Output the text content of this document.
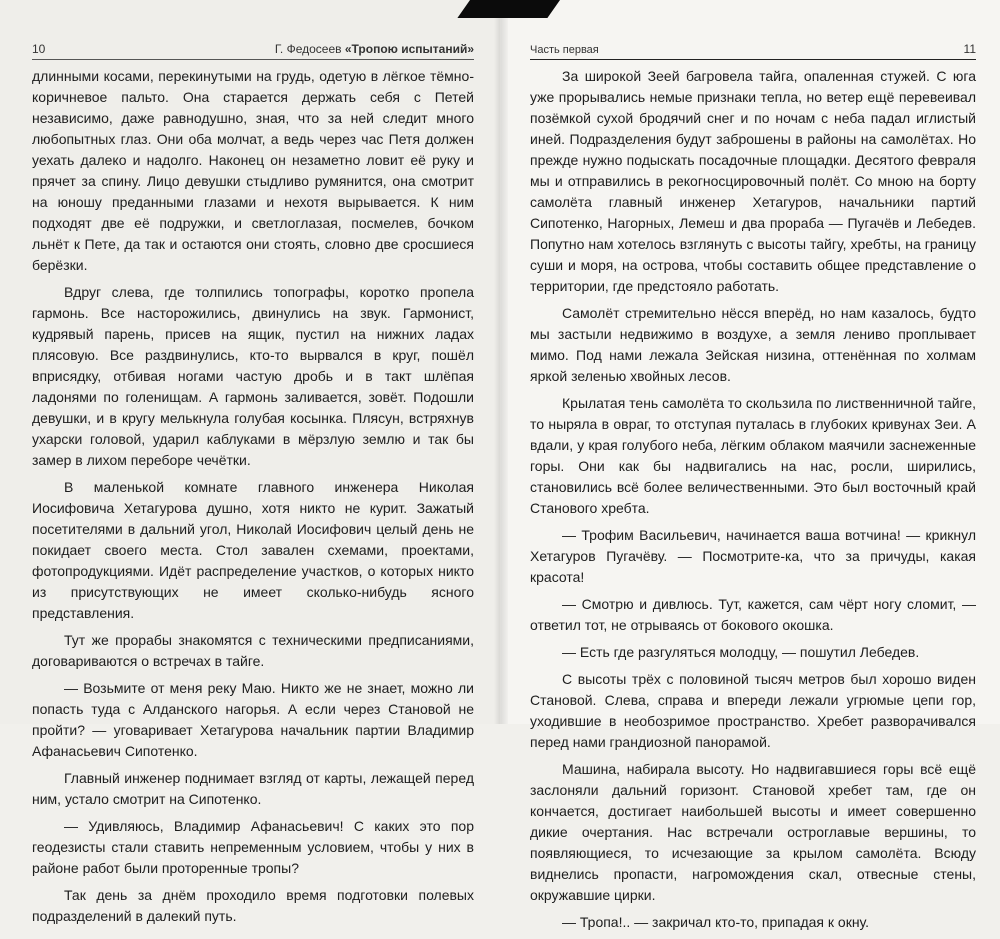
10	Г. Федосеев «Тропою испытаний»

длинными косами, перекинутыми на грудь, одетую в лёгкое тёмно-коричневое пальто. Она старается держать себя с Петей независимо, даже равнодушно, зная, что за ней следит много любопытных глаз. Они оба молчат, а ведь через час Петя должен уехать далеко и надолго. Наконец он незаметно ловит её руку и прячет за спину. Лицо девушки стыдливо румянится, она смотрит на юношу преданными глазами и нехотя вырывается. К ним подходят две её подружки, и светлоглазая, посмелев, бочком льнёт к Пете, да так и остаются они стоять, словно две сросшиеся берёзки.

Вдруг слева, где толпились топографы, коротко пропела гармонь. Все насторожились, двинулись на звук. Гармонист, кудрявый парень, присев на ящик, пустил на нижних ладах плясовую. Все раздвинулись, кто-то вырвался в круг, пошёл вприсядку, отбивая ногами частую дробь и в такт шлёпая ладонями по голенищам. А гармонь заливается, зовёт. Подошли девушки, и в кругу мелькнула голубая косынка. Плясун, встряхнув ухарски головой, ударил каблуками в мёрзлую землю и так бы замер в лихом переборе чечётки.

В маленькой комнате главного инженера Николая Иосифовича Хетагурова душно, хотя никто не курит. Зажатый посетителями в дальний угол, Николай Иосифович целый день не покидает своего места. Стол завален схемами, проектами, фотопродукциями. Идёт распределение участков, о которых никто из присутствующих не имеет сколько-нибудь ясного представления.

Тут же прорабы знакомятся с техническими предписаниями, договариваются о встречах в тайге.

— Возьмите от меня реку Маю. Никто же не знает, можно ли попасть туда с Алданского нагорья. А если через Становой не пройти? — уговаривает Хетагурова начальник партии Владимир Афанасьевич Сипотенко.

Главный инженер поднимает взгляд от карты, лежащей перед ним, устало смотрит на Сипотенко.

— Удивляюсь, Владимир Афанасьевич! С каких это пор геодезисты стали ставить непременным условием, чтобы у них в районе работ были проторенные тропы?

Так день за днём проходило время подготовки полевых подразделений в далекий путь.

Часть первая	11

За широкой Зеей багровела тайга, опаленная стужей. С юга уже прорывались немые признаки тепла, но ветер ещё перевеивал позёмкой сухой бродячий снег и по ночам с неба падал иглистый иней. Подразделения будут заброшены в районы на самолётах. Но прежде нужно подыскать посадочные площадки. Десятого февраля мы и отправились в рекогносцировочный полёт. Со мною на борту самолёта главный инженер Хетагуров, начальники партий Сипотенко, Нагорных, Лемеш и два прораба — Пугачёв и Лебедев. Попутно нам хотелось взглянуть с высоты тайгу, хребты, на границу суши и моря, на острова, чтобы составить общее представление о территории, где предстояло работать.

Самолёт стремительно нёсся вперёд, но нам казалось, будто мы застыли недвижимо в воздухе, а земля лениво проплывает мимо. Под нами лежала Зейская низина, оттенённая по холмам яркой зеленью хвойных лесов.

Крылатая тень самолёта то скользила по лиственничной тайге, то ныряла в овраг, то отступая путалась в глубоких кривунах Зеи. А вдали, у края голубого неба, лёгким облаком маячили заснеженные горы. Они как бы надвигались на нас, росли, ширились, становились всё более величественными. Это был восточный край Станового хребта.

— Трофим Васильевич, начинается ваша вотчина! — крикнул Хетагуров Пугачёву. — Посмотрите-ка, что за причуды, какая красота!

— Смотрю и дивлюсь. Тут, кажется, сам чёрт ногу сломит, — ответил тот, не отрываясь от бокового окошка.

— Есть где разгуляться молодцу, — пошутил Лебедев.

С высоты трёх с половиной тысяч метров был хорошо виден Становой. Слева, справа и впереди лежали угрюмые цепи гор, уходившие в необозримое пространство. Хребет разворачивался перед нами грандиозной панорамой.

Машина, набирала высоту. Но надвигавшиеся горы всё ещё заслоняли дальний горизонт. Становой хребет там, где он кончается, достигает наибольшей высоты и имеет совершенно дикие очертания. Нас встречали остроглавые вершины, то появляющиеся, то исчезающие за крылом самолёта. Всюду виднелись пропасти, нагромождения скал, отвесные стены, окружавшие цирки.

— Тропа!.. — закричал кто-то, припадая к окну.
